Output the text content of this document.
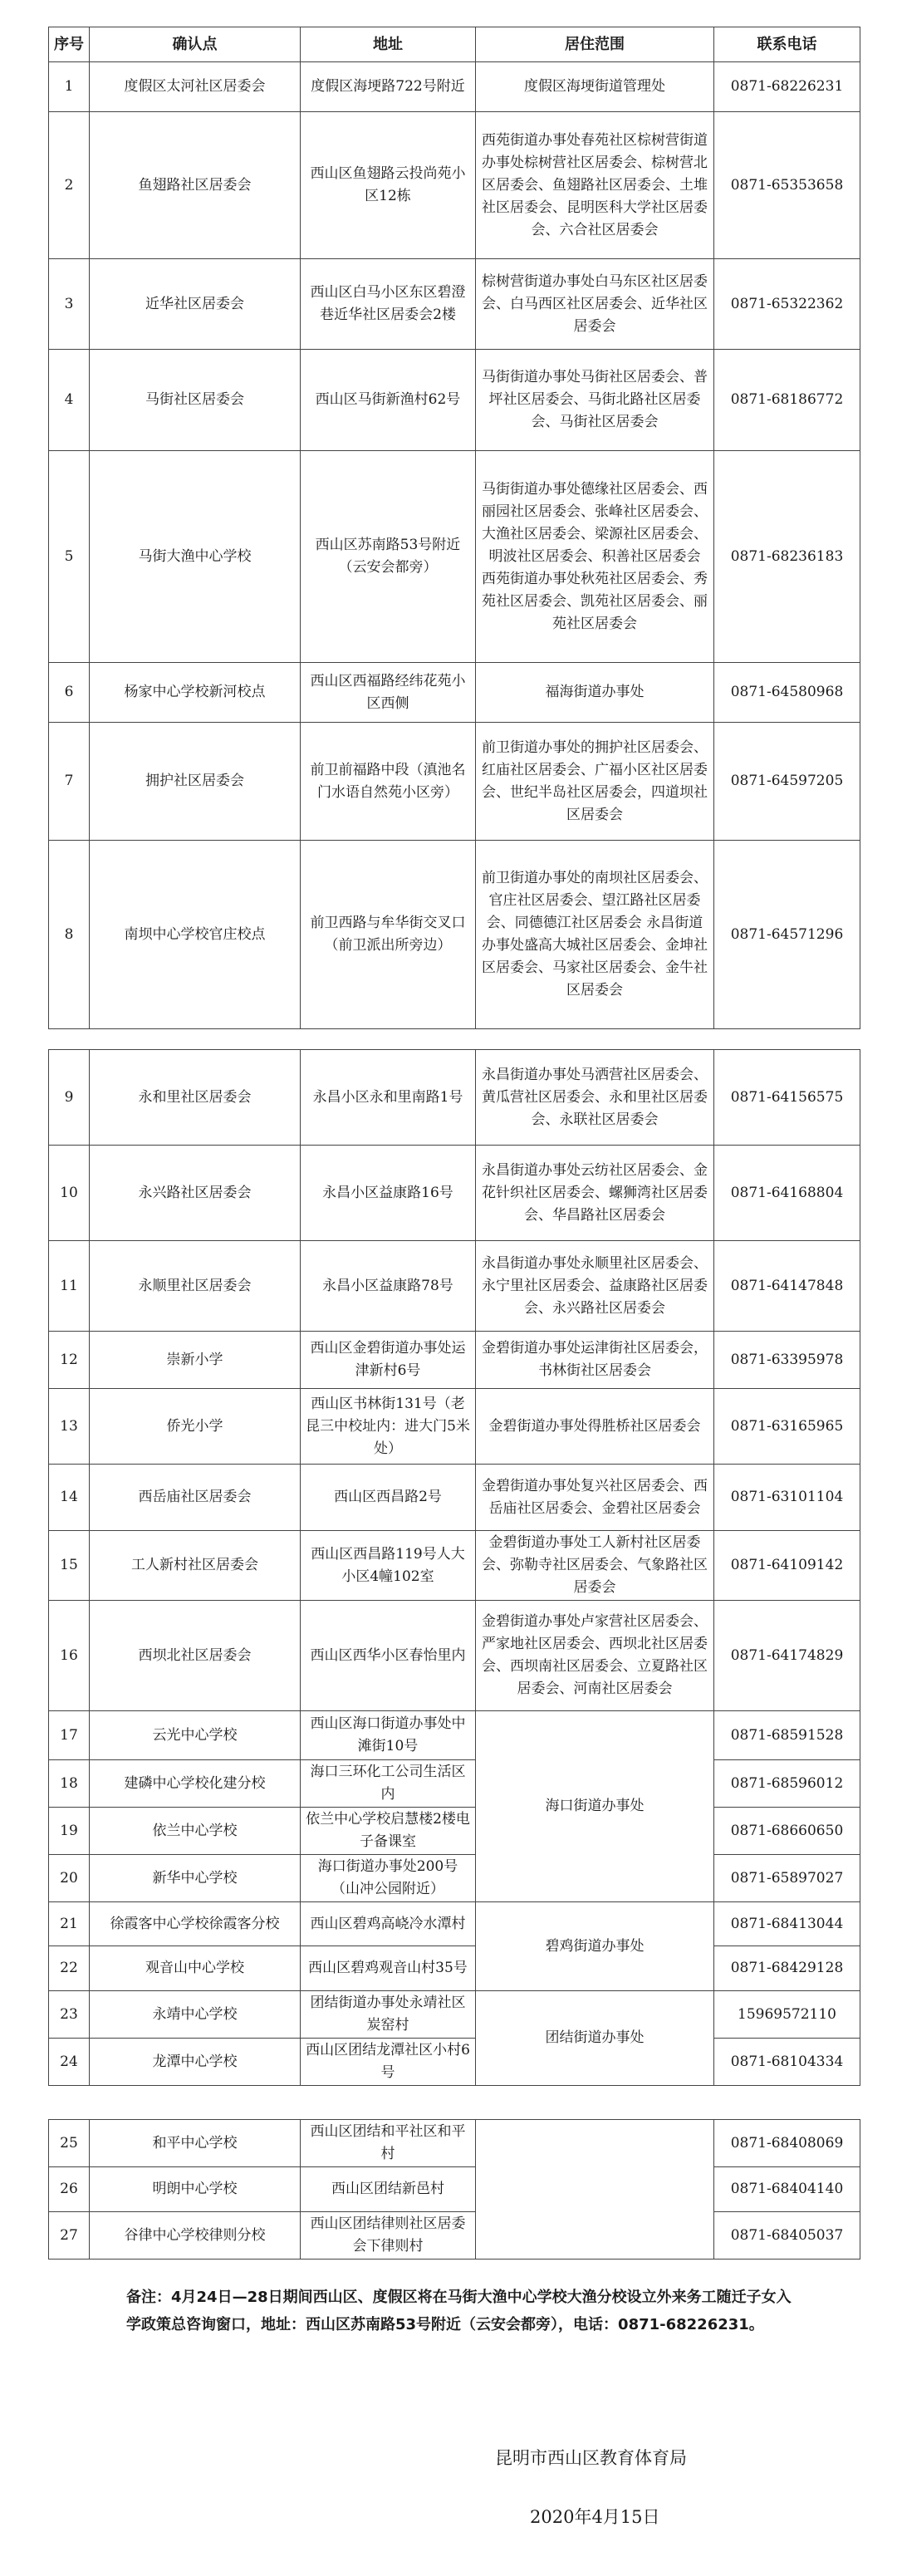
序号	确认点	地址	居住范围	联系电话
1	度假区太河社区居委会	度假区海埂路722号附近	度假区海埂街道管理处	0871-68226231
2	鱼翅路社区居委会	西山区鱼翅路云投尚苑小区12栋	西苑街道办事处春苑社区棕树营街道办事处棕树营社区居委会、棕树营北区居委会、鱼翅路社区居委会、土堆社区居委会、昆明医科大学社区居委会、六合社区居委会	0871-65353658
3	近华社区居委会	西山区白马小区东区碧澄巷近华社区居委会2楼	棕树营街道办事处白马东区社区居委会、白马西区社区居委会、近华社区居委会	0871-65322362
4	马街社区居委会	西山区马街新渔村62号	马街街道办事处马街社区居委会、普坪社区居委会、马街北路社区居委会、马街社区居委会	0871-68186772
5	马街大渔中心学校	西山区苏南路53号附近（云安会都旁）	马街街道办事处德缘社区居委会、西丽园社区居委会、张峰社区居委会、大渔社区居委会、梁源社区居委会、明波社区居委会、积善社区居委会 西苑街道办事处秋苑社区居委会、秀苑社区居委会、凯苑社区居委会、丽苑社区居委会	0871-68236183
6	杨家中心学校新河校点	西山区西福路经纬花苑小区西侧	福海街道办事处	0871-64580968
7	拥护社区居委会	前卫前福路中段（滇池名门水语自然苑小区旁）	前卫街道办事处的拥护社区居委会、红庙社区居委会、广福小区社区居委会、世纪半岛社区居委会，四道坝社区居委会	0871-64597205
8	南坝中心学校官庄校点	前卫西路与牟华街交叉口（前卫派出所旁边）	前卫街道办事处的南坝社区居委会、官庄社区居委会、望江路社区居委会、同德德江社区居委会 永昌街道办事处盛高大城社区居委会、金坤社区居委会、马家社区居委会、金牛社区居委会	0871-64571296
9	永和里社区居委会	永昌小区永和里南路1号	永昌街道办事处马洒营社区居委会、黄瓜营社区居委会、永和里社区居委会、永联社区居委会	0871-64156575
10	永兴路社区居委会	永昌小区益康路16号	永昌街道办事处云纺社区居委会、金花针织社区居委会、螺狮湾社区居委会、华昌路社区居委会	0871-64168804
11	永顺里社区居委会	永昌小区益康路78号	永昌街道办事处永顺里社区居委会、永宁里社区居委会、益康路社区居委会、永兴路社区居委会	0871-64147848
12	崇新小学	西山区金碧街道办事处运津新村6号	金碧街道办事处运津街社区居委会，书林街社区居委会	0871-63395978
13	侨光小学	西山区书林街131号（老昆三中校址内：进大门5米处）	金碧街道办事处得胜桥社区居委会	0871-63165965
14	西岳庙社区居委会	西山区西昌路2号	金碧街道办事处复兴社区居委会、西岳庙社区居委会、金碧社区居委会	0871-63101104
15	工人新村社区居委会	西山区西昌路119号人大小区4幢102室	金碧街道办事处工人新村社区居委会、弥勒寺社区居委会、气象路社区居委会	0871-64109142
16	西坝北社区居委会	西山区西华小区春怡里内	金碧街道办事处卢家营社区居委会、严家地社区居委会、西坝北社区居委会、西坝南社区居委会、立夏路社区居委会、河南社区居委会	0871-64174829
17	云光中心学校	西山区海口街道办事处中滩街10号	海口街道办事处	0871-68591528
18	建磷中心学校化建分校	海口三环化工公司生活区内		0871-68596012
19	依兰中心学校	依兰中心学校启慧楼2楼电子备课室		0871-68660650
20	新华中心学校	海口街道办事处200号（山冲公园附近）		0871-65897027
21	徐霞客中心学校徐霞客分校	西山区碧鸡高峣冷水潭村	碧鸡街道办事处	0871-68413044
22	观音山中心学校	西山区碧鸡观音山村35号		0871-68429128
23	永靖中心学校	团结街道办事处永靖社区炭窑村	团结街道办事处	15969572110
24	龙潭中心学校	西山区团结龙潭社区小村6号		0871-68104334
25	和平中心学校	西山区团结和平社区和平村		0871-68408069
26	明朗中心学校	西山区团结新邑村		0871-68404140
27	谷律中心学校律则分校	西山区团结律则社区居委会下律则村		0871-68405037
备注：4月24日—28日期间西山区、度假区将在马街大渔中心学校大渔分校设立外来务工随迁子女入学政策总咨询窗口，地址：西山区苏南路53号附近（云安会都旁），电话：0871-68226231。
昆明市西山区教育体育局
2020年4月15日
